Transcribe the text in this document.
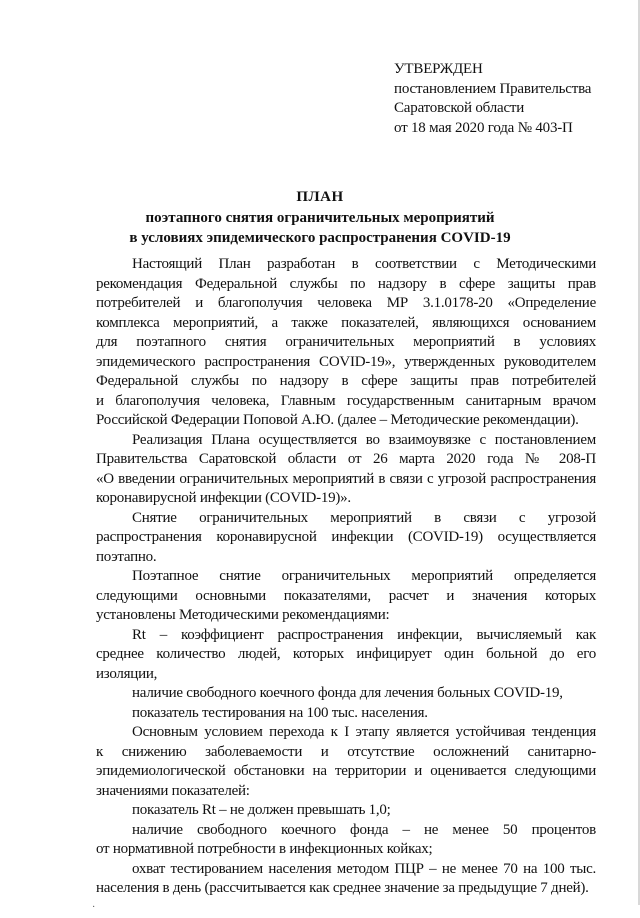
УТВЕРЖДЕН
постановлением Правительства
Саратовской области
от 18 мая 2020 года № 403-П
ПЛАН
поэтапного снятия ограничительных мероприятий
в условиях эпидемического распространения COVID-19
·
Настоящий План разработан в соответствии с Методическими
рекомендация Федеральной службы по надзору в сфере защиты прав
потребителей и благополучия человека МР 3.1.0178-20 «Определение
комплекса мероприятий, а также показателей, являющихся основанием
для поэтапного снятия ограничительных мероприятий в условиях
эпидемического распространения COVID-19», утвержденных руководителем
Федеральной службы по надзору в сфере защиты прав потребителей
и благополучия человека, Главным государственным санитарным врачом
Российской Федерации Поповой А.Ю. (далее – Методические рекомендации).
Реализация Плана осуществляется во взаимоувязке с постановлением
Правительства Саратовской области от 26 марта 2020 года № 208-П
«О введении ограничительных мероприятий в связи с угрозой распространения
коронавирусной инфекции (COVID-19)».
Снятие ограничительных мероприятий в связи с угрозой
распространения коронавирусной инфекции (COVID-19) осуществляется
поэтапно.
Поэтапное снятие ограничительных мероприятий определяется
следующими основными показателями, расчет и значения которых
установлены Методическими рекомендациями:
Rt – коэффициент распространения инфекции, вычисляемый как
среднее количество людей, которых инфицирует один больной до его
изоляции,
наличие свободного коечного фонда для лечения больных COVID-19,
показатель тестирования на 100 тыс. населения.
Основным условием перехода к I этапу является устойчивая тенденция
к снижению заболеваемости и отсутствие осложнений санитарно-
эпидемиологической обстановки на территории и оценивается следующими
значениями показателей:
показатель Rt – не должен превышать 1,0;
наличие свободного коечного фонда – не менее 50 процентов
от нормативной потребности в инфекционных койках;
охват тестированием населения методом ПЦР – не менее 70 на 100 тыс.
населения в день (рассчитывается как среднее значение за предыдущие 7 дней).
